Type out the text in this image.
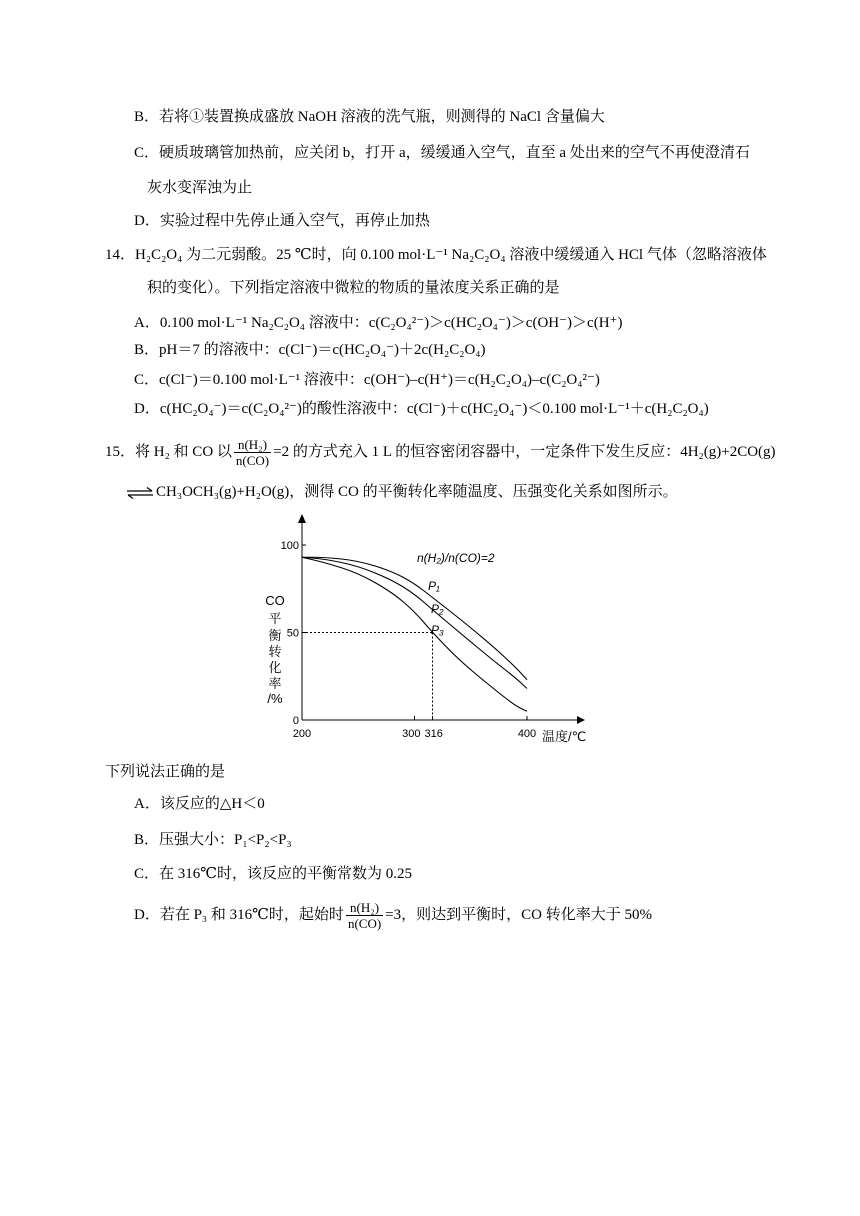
B．若将①装置换成盛放 NaOH 溶液的洗气瓶，则测得的 NaCl 含量偏大
C．硬质玻璃管加热前，应关闭 b，打开 a，缓缓通入空气，直至 a 处出来的空气不再使澄清石
灰水变浑浊为止
D．实验过程中先停止通入空气，再停止加热
14．H₂C₂O₄ 为二元弱酸。25 ℃时，向 0.100 mol·L⁻¹ Na₂C₂O₄ 溶液中缓缓通入 HCl 气体（忽略溶液体
积的变化）。下列指定溶液中微粒的物质的量浓度关系正确的是
A．0.100 mol·L⁻¹ Na₂C₂O₄ 溶液中：c(C₂O₄²⁻)＞c(HC₂O₄⁻)＞c(OH⁻)＞c(H⁺)
B．pH＝7 的溶液中：c(Cl⁻)＝c(HC₂O₄⁻)＋2c(H₂C₂O₄)
C．c(Cl⁻)＝0.100 mol·L⁻¹ 溶液中：c(OH⁻)–c(H⁺)＝c(H₂C₂O₄)–c(C₂O₄²⁻)
D．c(HC₂O₄⁻)＝c(C₂O₄²⁻)的酸性溶液中：c(Cl⁻)＋c(HC₂O₄⁻)＜0.100 mol·L⁻¹＋c(H₂C₂O₄)
15．将 H₂ 和 CO 以 $\frac{\text{n(H₂)}}{n(CO)} =2$ 的方式充入 1 L 的恒容密闭容器中，一定条件下发生反应：4H₂(g)+2CO(g)
⇌ CH₃OCH₃(g)+H₂O(g)，测得 CO 的平衡转化率随温度、压强变化关系如图所示。
100
50
0
200	300 316	400 温度/℃
CO
平
衡
转
化
率
/%
n(H₂)/n(CO)=2
P₁
P₂
P₃
下列说法正确的是
A．该反应的△H＜0
B．压强大小：P₁<P₂<P₃
C．在 316℃时，该反应的平衡常数为 0.25
D．若在 P₃ 和 316℃时，起始时 $\frac{\text{n(H₂)}}{n(CO)} =3$，则达到平衡时，CO 转化率大于 50%
